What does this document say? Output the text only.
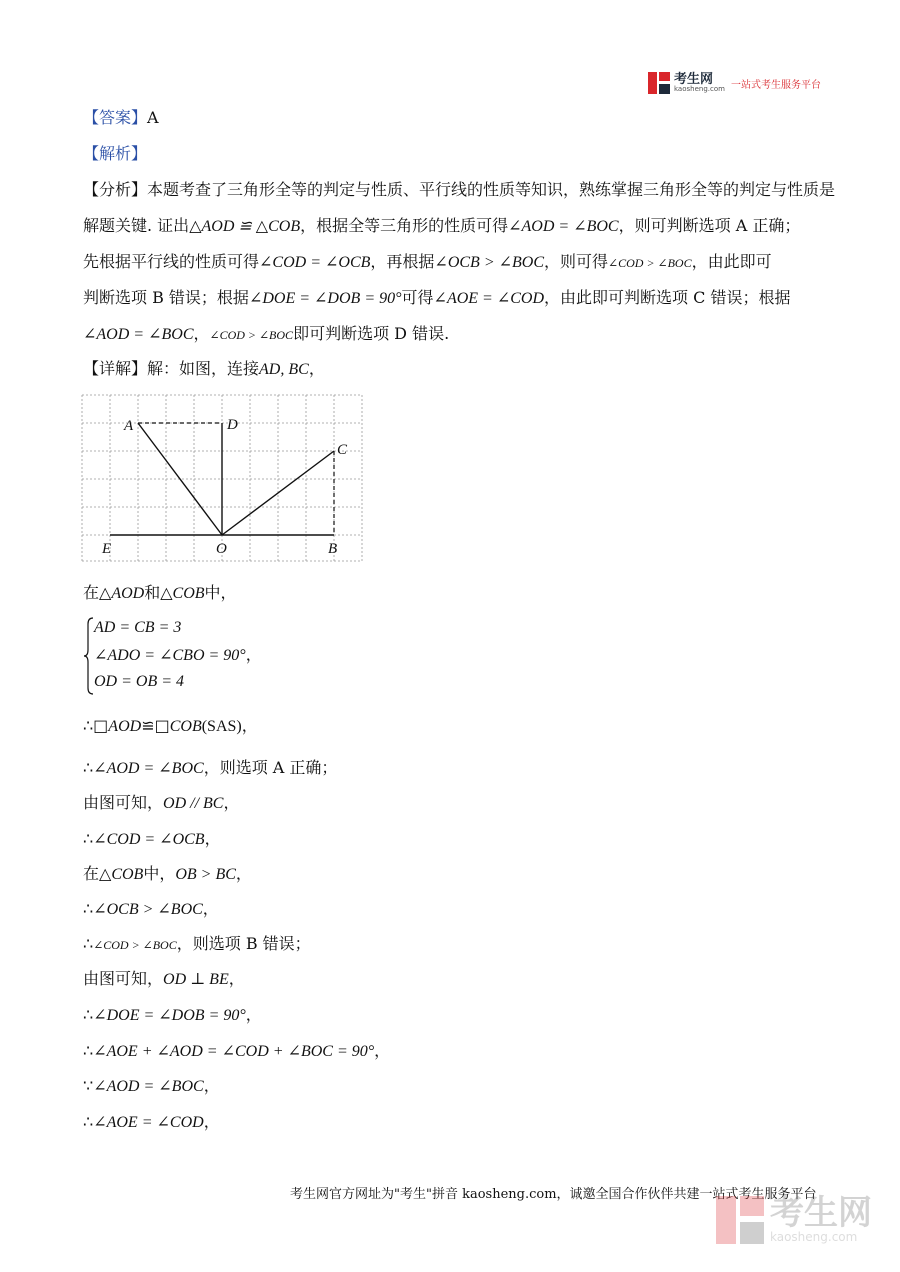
考生网
kaosheng.com 一站式考生服务平台
【答案】A
【解析】
【分析】本题考查了三角形全等的判定与性质、平行线的性质等知识，熟练掌握三角形全等的判定与性质是
解题关键. 证出△AOD ≌ △COB，根据全等三角形的性质可得∠AOD = ∠BOC，则可判断选项 A 正确；
先根据平行线的性质可得∠COD = ∠OCB，再根据∠OCB > ∠BOC，则可得∠COD > ∠BOC，由此即可
判断选项 B 错误；根据∠DOE = ∠DOB = 90°可得∠AOE = ∠COD，由此即可判断选项 C 错误；根据
∠AOD = ∠BOC，∠COD > ∠BOC即可判断选项 D 错误.
【详解】解：如图，连接AD, BC，
A	D
C
E	O	B
在△AOD和△COB中，
AD = CB = 3
∠ADO = ∠CBO = 90°，
OD = OB = 4
∴□AOD≌□COB(SAS)，
∴∠AOD = ∠BOC，则选项 A 正确；
由图可知，OD // BC，
∴∠COD = ∠OCB，
在△COB中，OB > BC，
∴∠OCB > ∠BOC，
∴∠COD > ∠BOC，则选项 B 错误；
由图可知，OD ⊥ BE，
∴∠DOE = ∠DOB = 90°，
∴∠AOE + ∠AOD = ∠COD + ∠BOC = 90°，
∵∠AOD = ∠BOC，
∴∠AOE = ∠COD，
考生网官方网址为"考生"拼音 kaosheng.com，诚邀全国合作伙伴共建一站式考生服务平台
考生网
kaosheng.com
